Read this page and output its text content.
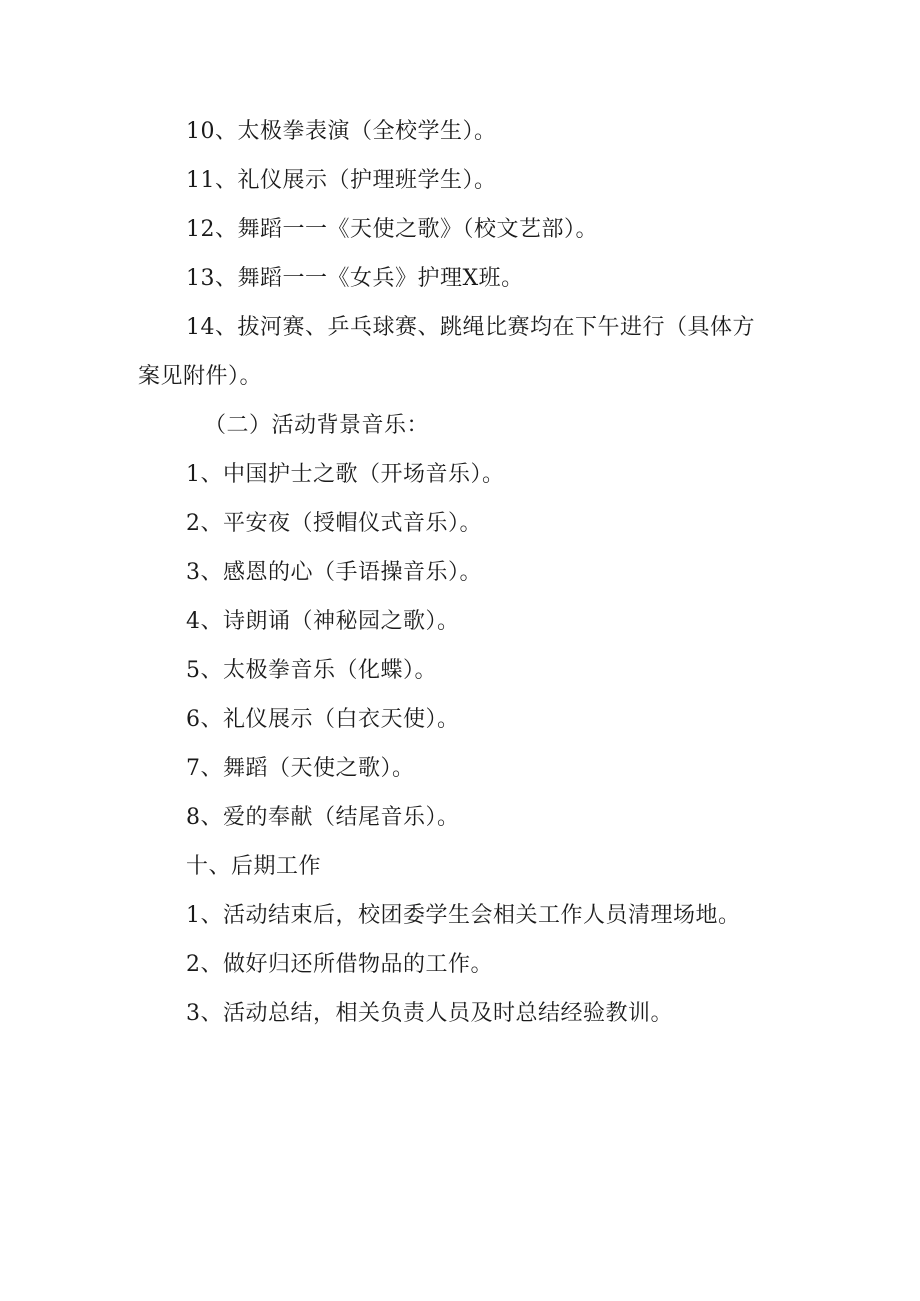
10、太极拳表演（全校学生）。
11、礼仪展示（护理班学生）。
12、舞蹈一一《天使之歌》（校文艺部）。
13、舞蹈一一《女兵》护理X班。
14、拔河赛、乒乓球赛、跳绳比赛均在下午进行（具体方
案见附件）。
（二）活动背景音乐：
1、中国护士之歌（开场音乐）。
2、平安夜（授帽仪式音乐）。
3、感恩的心（手语操音乐）。
4、诗朗诵（神秘园之歌）。
5、太极拳音乐（化蝶）。
6、礼仪展示（白衣天使）。
7、舞蹈（天使之歌）。
8、爱的奉献（结尾音乐）。
十、后期工作
1、活动结束后，校团委学生会相关工作人员清理场地。
2、做好归还所借物品的工作。
3、活动总结，相关负责人员及时总结经验教训。
